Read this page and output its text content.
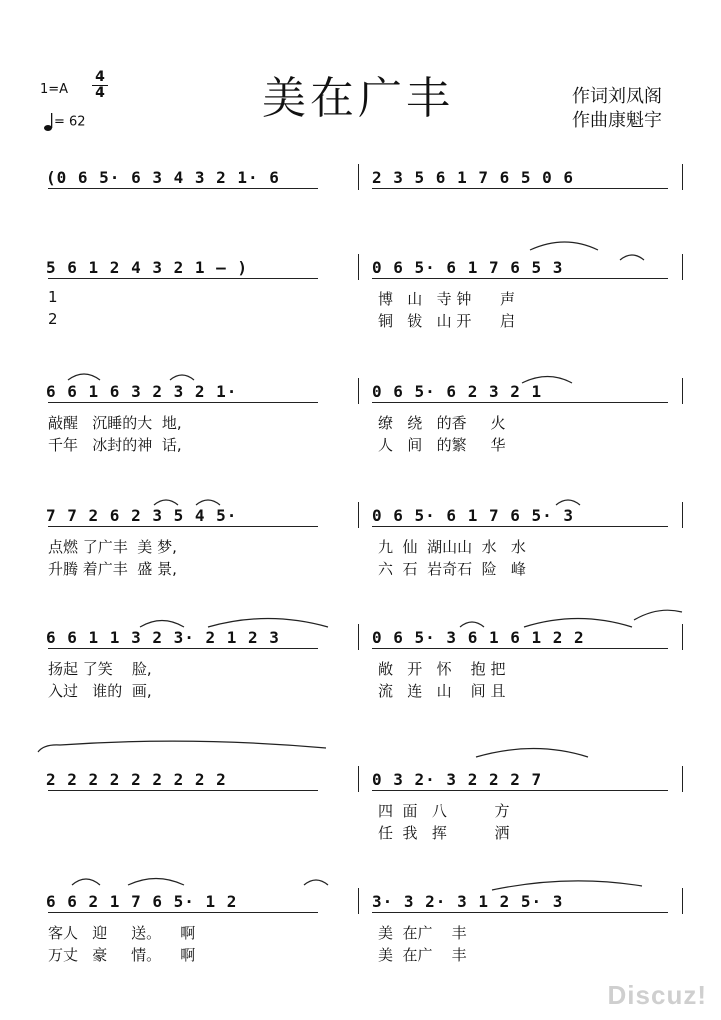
1=A
4
4
= 62	美在广丰	作词刘凤阁
作曲康魁宇
(0 6 5· 6 3 4 3 2 1· 6	2 3 5 6 1 7 6 5 0 6
5 6 1 2 4 3 2 1 — )	0 6 5· 6 1 7 6 5 3
1	博   山   寺 钟      声
2	铜   钹   山 开      启
6 6 1 6 3 2 3 2 1·	0 6 5· 6 2 3 2 1
敲醒   沉睡的大  地,	缭   绕   的香     火
千年   冰封的神  话,	人   间   的繁     华
7 7 2 6 2 3 5 4 5·	0 6 5· 6 1 7 6 5· 3
点燃 了广丰  美 梦,	九  仙  湖山山  水   水
升腾 着广丰  盛 景,	六  石  岩奇石  险   峰
6 6 1 1 3 2 3· 2 1 2 3	0 6 5· 3 6 1 6 1 2 2
扬起 了笑    脸,	敞   开   怀    抱 把
入过   谁的  画,	流   连   山    间 且
2 2 2 2 2 2 2 2 2	0 3 2· 3 2 2 2 7
四  面   八          方
任  我   挥          洒
6 6 2 1 7 6 5· 1 2	3· 3 2· 3 1 2 5· 3
客人   迎     送。    啊	美  在广    丰
万丈   豪     情。    啊	美  在广    丰
Discuz!
